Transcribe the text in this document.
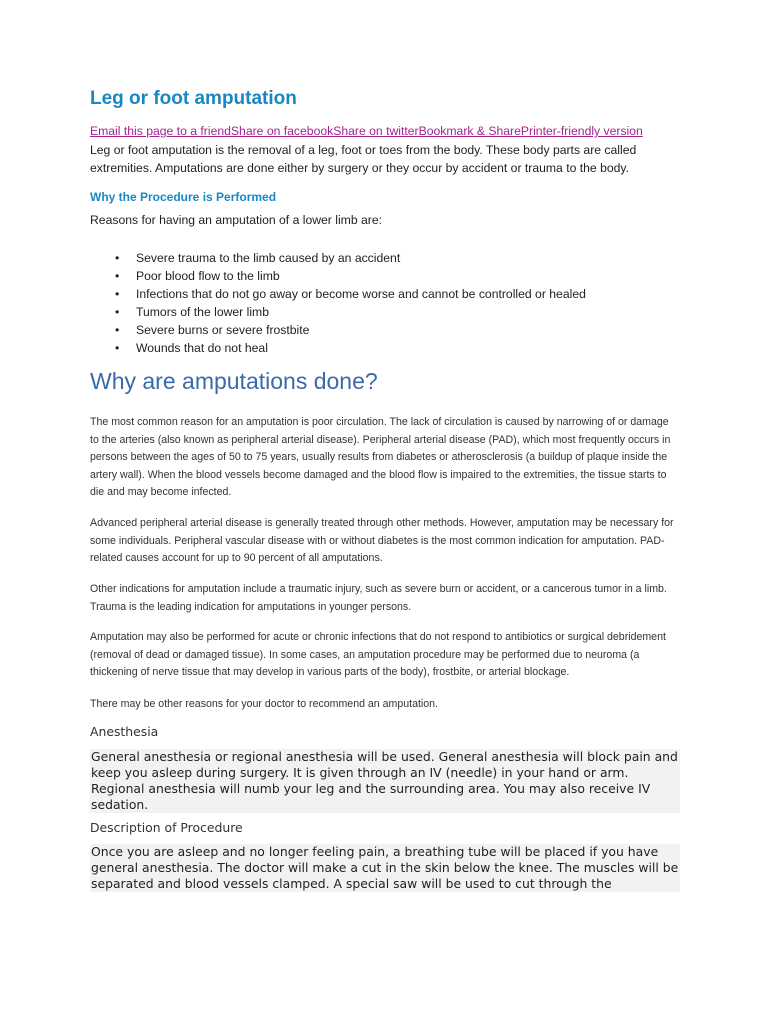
Leg or foot amputation
Email this page to a friendShare on facebookShare on twitterBookmark & SharePrinter-friendly version

Leg or foot amputation is the removal of a leg, foot or toes from the body. These body parts are called extremities. Amputations are done either by surgery or they occur by accident or trauma to the body.

Why the Procedure is Performed

Reasons for having an amputation of a lower limb are:

• Severe trauma to the limb caused by an accident
• Poor blood flow to the limb
• Infections that do not go away or become worse and cannot be controlled or healed
• Tumors of the lower limb
• Severe burns or severe frostbite
• Wounds that do not heal
Why are amputations done?

The most common reason for an amputation is poor circulation. The lack of circulation is caused by narrowing of or damage to the arteries (also known as peripheral arterial disease). Peripheral arterial disease (PAD), which most frequently occurs in persons between the ages of 50 to 75 years, usually results from diabetes or atherosclerosis (a buildup of plaque inside the artery wall). When the blood vessels become damaged and the blood flow is impaired to the extremities, the tissue starts to die and may become infected.

Advanced peripheral arterial disease is generally treated through other methods. However, amputation may be necessary for some individuals. Peripheral vascular disease with or without diabetes is the most common indication for amputation. PAD-related causes account for up to 90 percent of all amputations.

Other indications for amputation include a traumatic injury, such as severe burn or accident, or a cancerous tumor in a limb. Trauma is the leading indication for amputations in younger persons.

Amputation may also be performed for acute or chronic infections that do not respond to antibiotics or surgical debridement (removal of dead or damaged tissue). In some cases, an amputation procedure may be performed due to neuroma (a thickening of nerve tissue that may develop in various parts of the body), frostbite, or arterial blockage.

There may be other reasons for your doctor to recommend an amputation.

Anesthesia

General anesthesia or regional anesthesia will be used. General anesthesia will block pain and keep you asleep during surgery. It is given through an IV (needle) in your hand or arm. Regional anesthesia will numb your leg and the surrounding area. You may also receive IV sedation.

Description of Procedure

Once you are asleep and no longer feeling pain, a breathing tube will be placed if you have general anesthesia. The doctor will make a cut in the skin below the knee. The muscles will be separated and blood vessels clamped. A special saw will be used to cut through the
